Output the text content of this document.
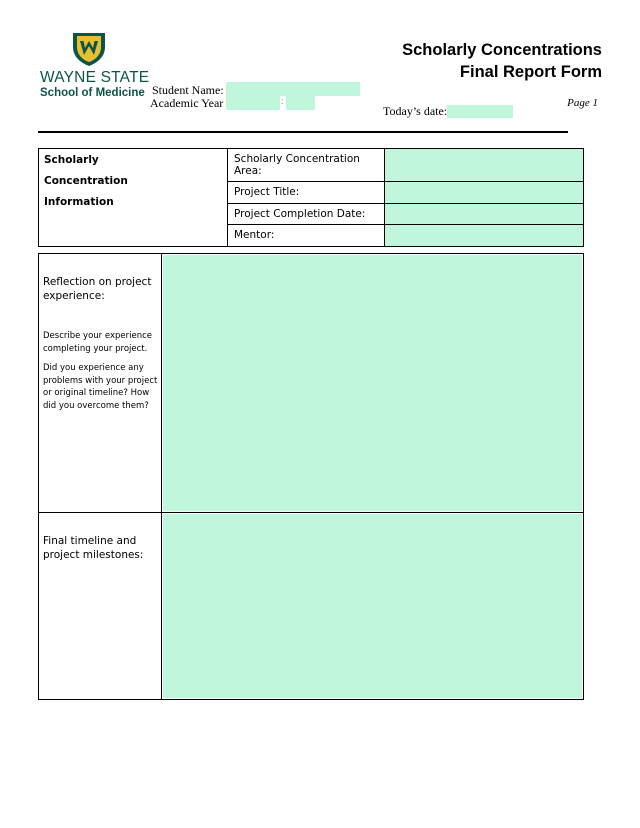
WAYNE STATE
School of Medicine
Scholarly Concentrations
Final Report Form
Student Name:
Academic Year	:
Today’s date:
Page 1
Scholarly
Concentration
Information	Scholarly Concentration Area:	
	Project Title:	
	Project Completion Date:	
	Mentor:	
Reflection on project experience:
Describe your experience completing your project.
Did you experience any problems with your project or original timeline? How did you overcome them?
Final timeline and project milestones:
